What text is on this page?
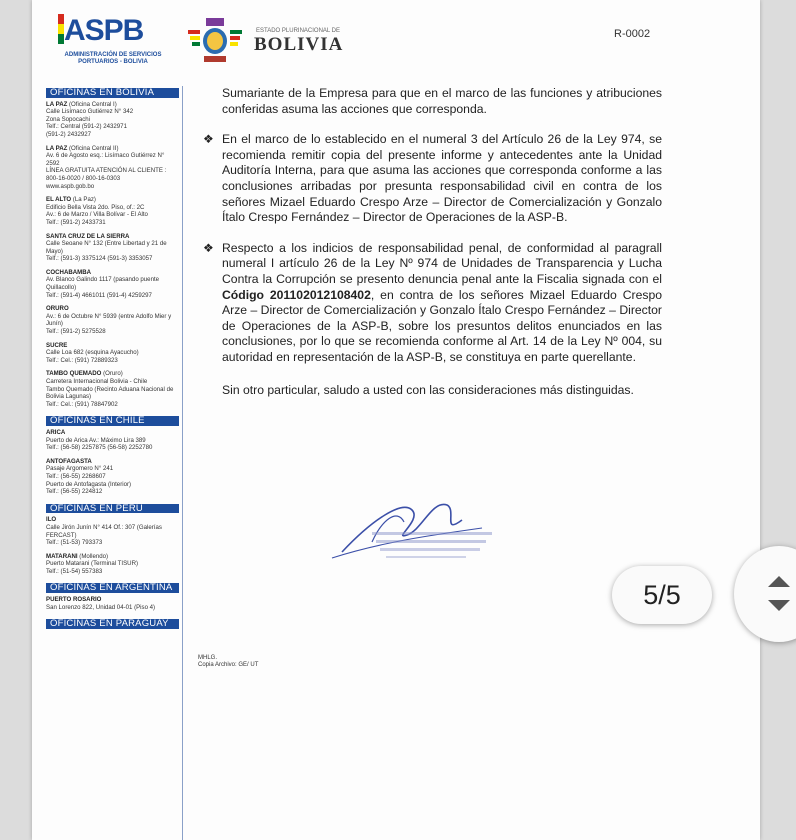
ASPB
ADMINISTRACIÓN DE SERVICIOS PORTUARIOS - BOLIVIA
ESTADO PLURINACIONAL DE
BOLIVIA	R-0002
OFICINAS EN BOLIVIA
LA PAZ (Oficina Central I)
Calle Lisímaco Gutiérrez N° 342
Zona Sopocachi
Telf.: Central (591-2) 2432971
(591-2) 2432927
LA PAZ (Oficina Central II)
Av. 6 de Agosto esq.: Lisímaco Gutiérrez N° 2592
LÍNEA GRATUITA ATENCIÓN AL CLIENTE : 800-16-0020 / 800-16-0303
www.aspb.gob.bo
EL ALTO (La Paz)
Edificio Bella Vista 2do. Piso, of.: 2C
Av.: 6 de Marzo / Villa Bolívar - El Alto
Telf.: (591-2) 2433731
SANTA CRUZ DE LA SIERRA
Calle Seoane N° 132 (Entre Libertad y 21 de Mayo)
Telf.: (591-3) 3375124 (591-3) 3353057
COCHABAMBA
Av. Blanco Galindo 1117 (pasando puente Quillacollo)
Telf.: (591-4) 4661011 (591-4) 4259297
ORURO
Av.: 6 de Octubre N° 5939 (entre Adolfo Mier y Junín)
Telf.: (591-2) 5275528
SUCRE
Calle Loa 682 (esquina Ayacucho)
Telf.: Cel.: (591) 72889323
TAMBO QUEMADO (Oruro)
Carretera Internacional Bolivia - Chile
Tambo Quemado (Recinto Aduana Nacional de Bolivia Lagunas)
Telf.: Cel.: (591) 78847902
OFICINAS EN CHILE
ARICA
Puerto de Arica Av.: Máximo Lira 389
Telf.: (56-58) 2257875 (56-58) 2252780
ANTOFAGASTA
Pasaje Argomero N° 241
Telf.: (56-55) 2268607
Puerto de Antofagasta (Interior)
Telf.: (56-55) 224812
OFICINAS EN PERÚ
ILO
Calle Jirón Junín N° 414 Of.: 307 (Galerías FERCAST)
Telf.: (51-53) 793373
MATARANI (Mollendo)
Puerto Matarani (Terminal TISUR)
Telf.: (51-54) 557383
OFICINAS EN ARGENTINA
PUERTO ROSARIO
San Lorenzo 822, Unidad 04-01 (Piso 4)
OFICINAS EN PARAGUAY

Sumariante de la Empresa para que en el marco de las funciones y atribuciones conferidas asuma las acciones que corresponda.

❖ En el marco de lo establecido en el numeral 3 del Artículo 26 de la Ley 974, se recomienda remitir copia del presente informe y antecedentes ante la Unidad Auditoría Interna, para que asuma las acciones que corresponda conforme a las conclusiones arribadas por presunta responsabilidad civil en contra de los señores Mizael Eduardo Crespo Arze – Director de Comercialización y Gonzalo Ítalo Crespo Fernández – Director de Operaciones de la ASP-B.

❖ Respecto a los indicios de responsabilidad penal, de conformidad al paragrall numeral I artículo 26 de la Ley Nº 974 de Unidades de Transparencia y Lucha Contra la Corrupción se presento denuncia penal ante la Fiscalia signada con el Código 201102012108402, en contra de los señores Mizael Eduardo Crespo Arze – Director de Comercialización y Gonzalo Ítalo Crespo Fernández – Director de Operaciones de la ASP-B, sobre los presuntos delitos enunciados en las conclusiones, por lo que se recomienda conforme al Art. 14 de la Ley Nº 004, su autoridad en representación de la ASP-B, se constituya en parte querellante.

Sin otro particular, saludo a usted con las consideraciones más distinguidas.

MHLG.
Copia Archivo: GE/ UT
5/5
